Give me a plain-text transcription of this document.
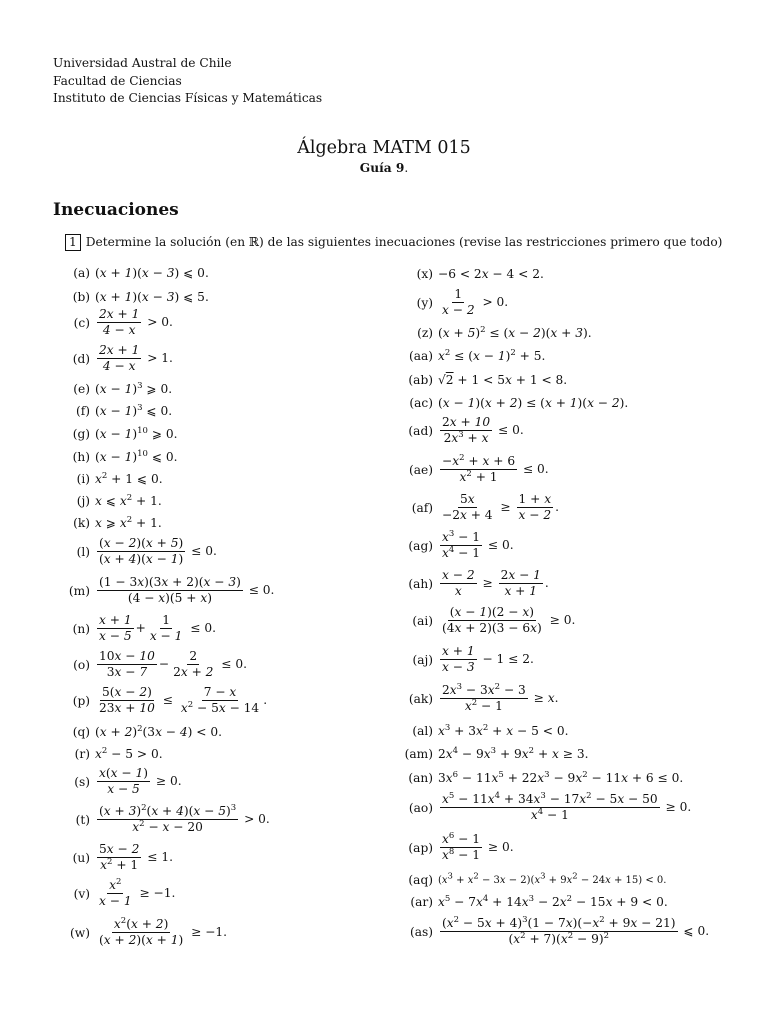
Universidad Austral de Chile
Facultad de Ciencias
Instituto de Ciencias Físicas y Matemáticas
Álgebra MATM 015
Guía 9.
Inecuaciones
1 Determine la solución (en ℝ) de las siguientes inecuaciones (revise las restricciones primero que todo)
(a) (x + 1)(x − 3) ⩽ 0.
(b) (x + 1)(x − 3) ⩽ 5.
$(c) \frac{2x + 1}{4 - x} > 0$.
$(d) \frac{2x + 1}{4 - x} > 1$.
(e) $(x - 1)^3$ ⩾ 0.
(f) $(x - 1)^3$ ⩽ 0.
(g) $(x - 1)^{10}$ ⩾ 0.
(h) $(x - 1)^{10}$ ⩽ 0.
(i) $x^2 + 1$ ⩽ 0.
(j) x ⩽ $x^2 + 1$.
(k) x ⩾ $x^2 + 1$.
$(l) \frac{(x - 2)(x + 5)}{(x + 4)(x - 1)} \le 0$.
$(m) \frac{(1 - 3x)(3x + 2)(x - 3)}{(4 - x)(5 + x)} \le 0$.
$(n) \frac{x + 1}{x - 5} + \frac{1}{x - 1} \le 0$.
$(o) \frac{10x - 10}{3x - 7} - \frac{2}{2x + 2} \le 0$.
$(p) \frac{5(x - 2)}{23x + 10} \le \frac{7 - x}{x^2 - 5x - 14}$ .
(q) $(x + 2)^2(3x - 4) < 0$.
(r) $x^2 - 5 > 0$.
$(s) \frac{x(x - 1)}{x - 5} \ge 0$.
$(t) \frac{(x + 3)^2(x + 4)(x - 5)^3}{x^2 - x - 20} > 0$.
$(u) \frac{5x - 2}{x^2 + 1} \le 1$.
$(v) \frac{x^2}{x - 1} \ge -1$.
$(w) \frac{x^2(x + 2)}{(x + 2)(x + 1)} \ge -1$.
(x) −6 < 2x − 4 < 2.
$(y) \frac{1}{x - 2} > 0$.
(z) $(x + 5)^2 \le (x - 2)(x + 3)$.
(aa) $x^2 \le (x - 1)^2 + 5$.
(ab) √2 + 1 < 5x + 1 < 8.
(ac) (x − 1)(x + 2) ≤ (x + 1)(x − 2).
$(ad) \frac{2x + 10}{2x^3 + x} \le 0$.
$(ae) \frac{-x^2 + x + 6}{x^2 + 1} \le 0$.
$(af) \frac{5x}{-2x + 4} \ge \frac{1 + x}{x - 2}$ .
$(ag) \frac{x^3 - 1}{x^4 - 1} \le 0$.
$(ah) \frac{x - 2}{x} \ge \frac{2x - 1}{x + 1}$ .
$(ai) \frac{(x - 1)(2 - x)}{(4x + 2)(3 - 6x)} \ge 0$.
$(aj) \frac{x + 1}{x - 3} - 1 \le 2$.
$(ak) \frac{2x^3 - 3x^2 - 3}{x^2 - 1} \ge x$.
(al) $x^3 + 3x^2 + x - 5 < 0$.
(am) $2x^4 - 9x^3 + 9x^2 + x \ge 3$.
(an) $3x^6 - 11x^5 + 22x^3 - 9x^2 - 11x + 6 \le 0$.
$(ao) \frac{x^5 - 11x^4 + 34x^3 - 17x^2 - 5x - 50}{x^4 - 1} \ge 0$.
$(ap) \frac{x^6 - 1}{x^8 - 1} \ge 0$.
(aq) $(x^3 + x^2 - 3x - 2)(x^3 + 9x^2 - 24x + 15) < 0$.
(ar) $x^5 - 7x^4 + 14x^3 - 2x^2 - 15x + 9 < 0$.
$(as) \frac{(x^2 - 5x + 4)^3(1 - 7x)(-x^2 + 9x - 21)}{(x^2 + 7)(x^2 - 9)^2}$ ⩽ 0.
